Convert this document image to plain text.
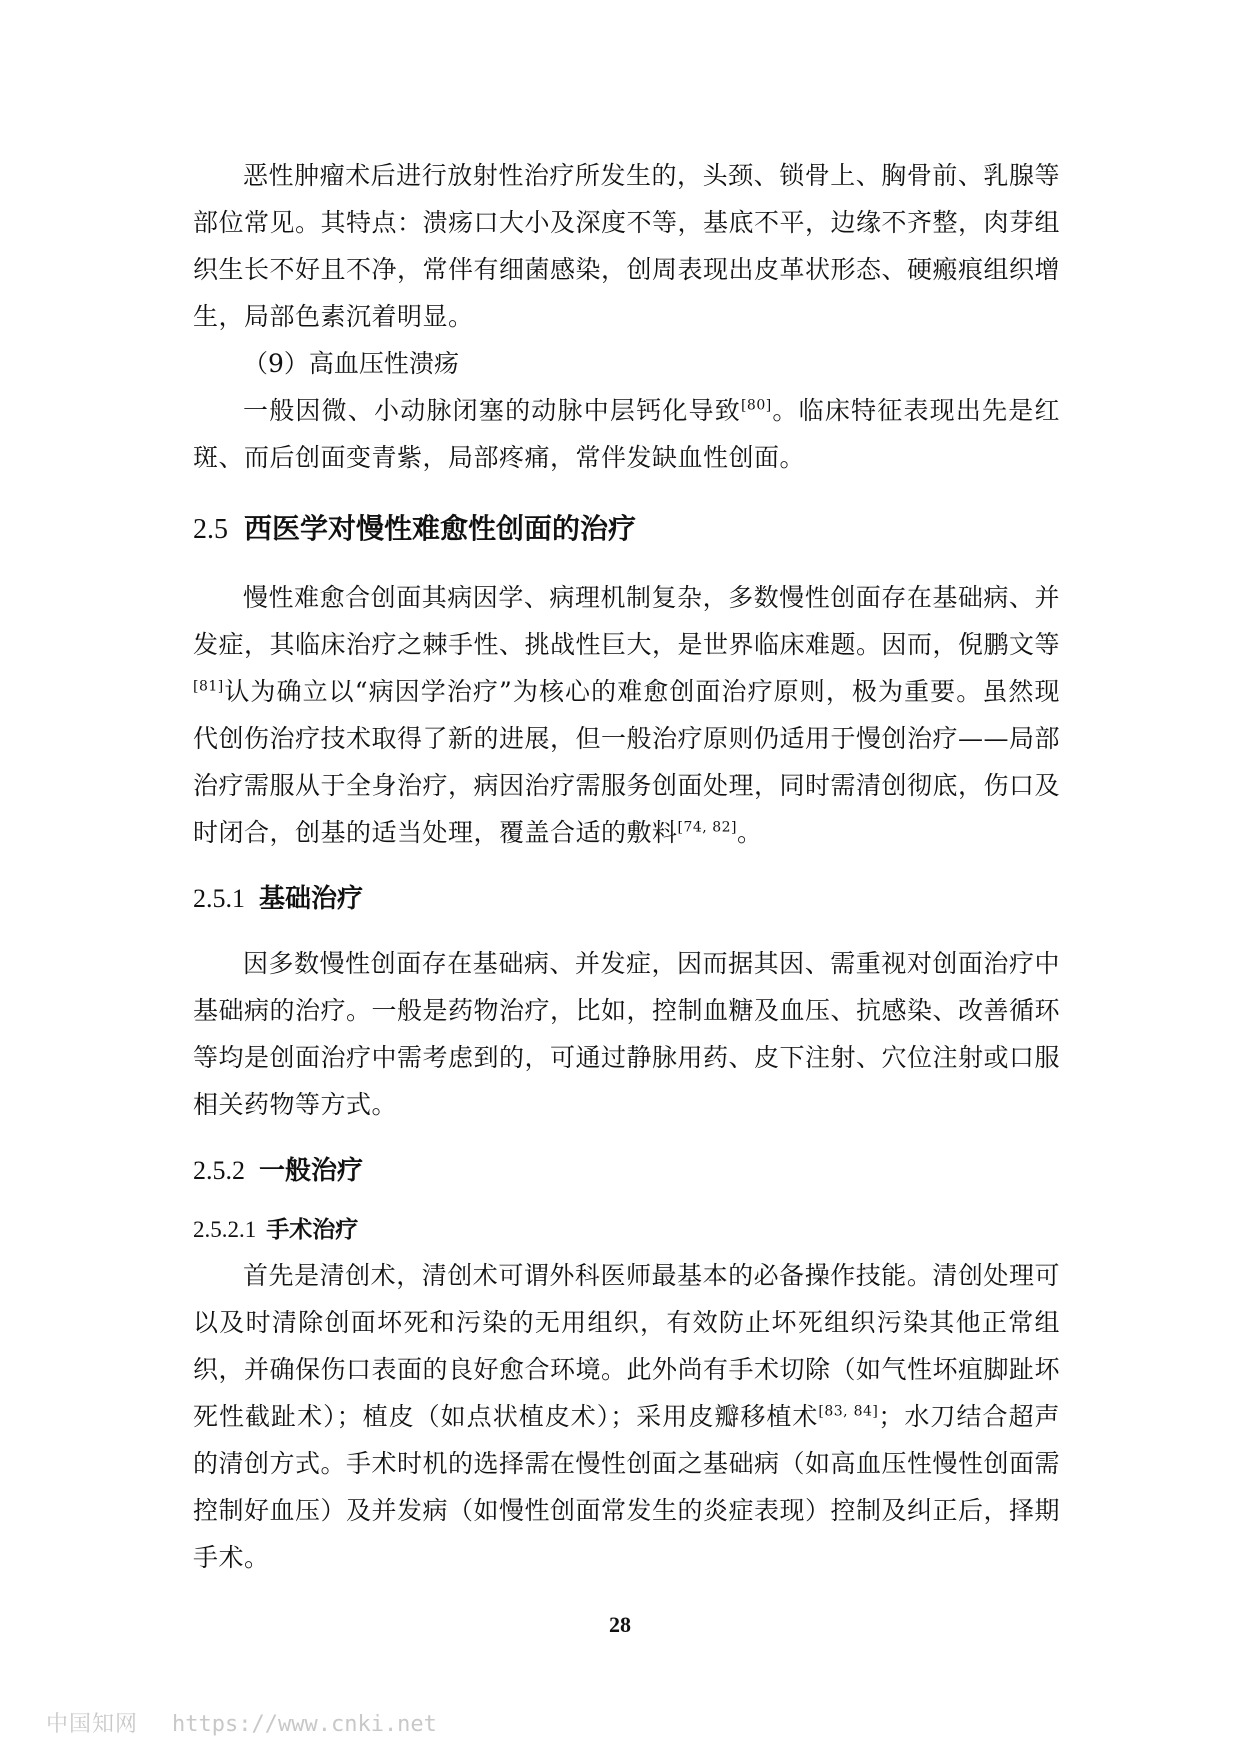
恶性肿瘤术后进行放射性治疗所发生的，头颈、锁骨上、胸骨前、乳腺等部位常见。其特点：溃疡口大小及深度不等，基底不平，边缘不齐整，肉芽组织生长不好且不净，常伴有细菌感染，创周表现出皮革状形态、硬瘢痕组织增生，局部色素沉着明显。

（9）高血压性溃疡

一般因微、小动脉闭塞的动脉中层钙化导致[80]。临床特征表现出先是红斑、而后创面变青紫，局部疼痛，常伴发缺血性创面。

2.5 西医学对慢性难愈性创面的治疗

慢性难愈合创面其病因学、病理机制复杂，多数慢性创面存在基础病、并发症，其临床治疗之棘手性、挑战性巨大，是世界临床难题。因而，倪鹏文等[81]认为确立以“病因学治疗”为核心的难愈创面治疗原则，极为重要。虽然现代创伤治疗技术取得了新的进展，但一般治疗原则仍适用于慢创治疗——局部治疗需服从于全身治疗，病因治疗需服务创面处理，同时需清创彻底，伤口及时闭合，创基的适当处理，覆盖合适的敷料[74, 82]。

2.5.1 基础治疗

因多数慢性创面存在基础病、并发症，因而据其因、需重视对创面治疗中基础病的治疗。一般是药物治疗，比如，控制血糖及血压、抗感染、改善循环等均是创面治疗中需考虑到的，可通过静脉用药、皮下注射、穴位注射或口服相关药物等方式。

2.5.2 一般治疗
2.5.2.1 手术治疗

首先是清创术，清创术可谓外科医师最基本的必备操作技能。清创处理可以及时清除创面坏死和污染的无用组织，有效防止坏死组织污染其他正常组织，并确保伤口表面的良好愈合环境。此外尚有手术切除（如气性坏疽脚趾坏死性截趾术）；植皮（如点状植皮术）；采用皮瓣移植术[83, 84]；水刀结合超声的清创方式。手术时机的选择需在慢性创面之基础病（如高血压性慢性创面需控制好血压）及并发病（如慢性创面常发生的炎症表现）控制及纠正后，择期手术。

28
中国知网 https://www.cnki.net
